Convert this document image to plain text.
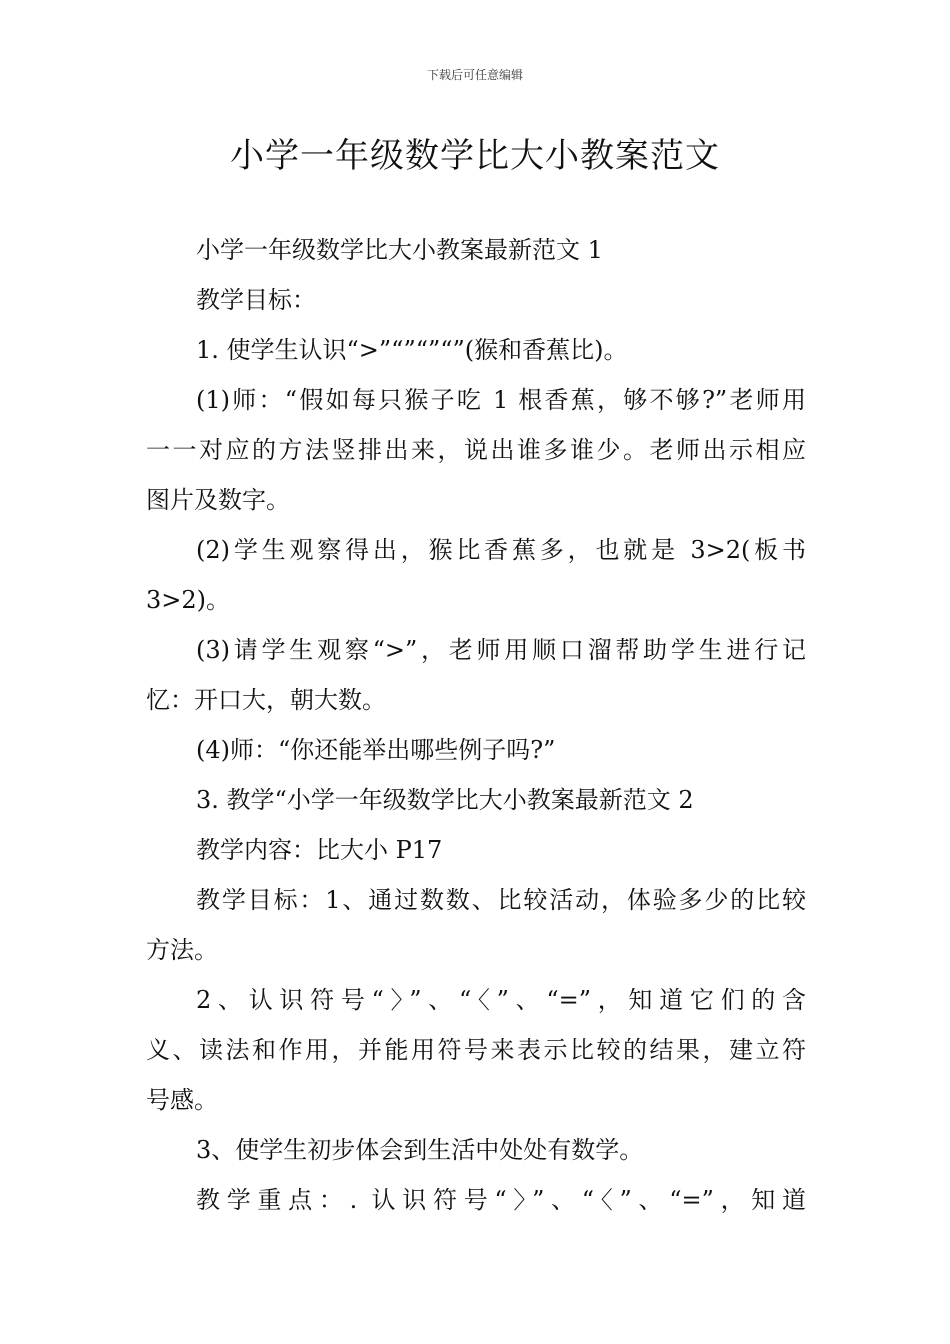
下载后可任意编辑
小学一年级数学比大小教案范文
小学一年级数学比大小教案最新范文 1
教学目标：
1. 使学生认识“>”“”“”“”(猴和香蕉比)。
(1)师：“假如每只猴子吃 1 根香蕉，够不够?”老师用
一一对应的方法竖排出来，说出谁多谁少。老师出示相应
图片及数字。
(2)学生观察得出，猴比香蕉多，也就是 3>2(板书
3>2)。
(3)请学生观察“>”，老师用顺口溜帮助学生进行记
忆：开口大，朝大数。
(4)师：“你还能举出哪些例子吗?”
3. 教学“小学一年级数学比大小教案最新范文 2
教学内容：比大小 P17
教学目标：1、通过数数、比较活动，体验多少的比较
方法。
2、认识符号“〉”、“〈”、“=”，知道它们的含
义、读法和作用，并能用符号来表示比较的结果，建立符
号感。
3、使学生初步体会到生活中处处有数学。
教学重点：. 认识符号“〉”、“〈”、“=”，知道
